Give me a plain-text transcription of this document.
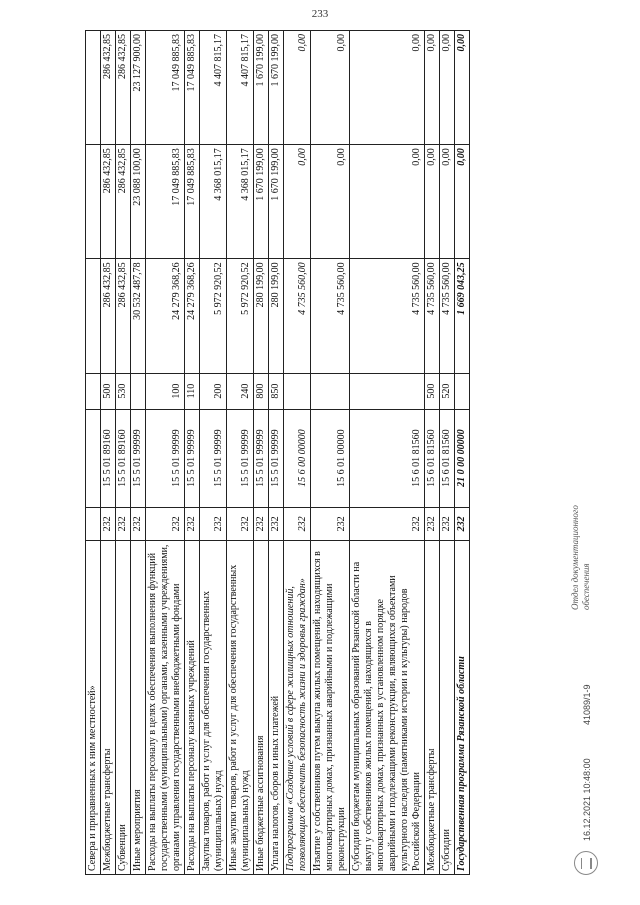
233
Севера и приравненных к ним местностей»						
Межбюджетные трансферты	232	15 5 01 89160	500	286 432,85	286 432,85	286 432,85
Субвенции	232	15 5 01 89160	530	286 432,85	286 432,85	286 432,85
Иные мероприятия	232	15 5 01 99999		30 532 487,78	23 088 100,00	23 127 900,00
Расходы на выплаты персоналу в целях обеспечения выполнения функций государственными (муниципальными) органами, казенными учреждениями, органами управления государственными внебюджетными фондами	232	15 5 01 99999	100	24 279 368,26	17 049 885,83	17 049 885,83
Расходы на выплаты персоналу казенных учреждений	232	15 5 01 99999	110	24 279 368,26	17 049 885,83	17 049 885,83
Закупка товаров, работ и услуг для обеспечения государственных (муниципальных) нужд	232	15 5 01 99999	200	5 972 920,52	4 368 015,17	4 407 815,17
Иные закупки товаров, работ и услуг для обеспечения государственных (муниципальных) нужд	232	15 5 01 99999	240	5 972 920,52	4 368 015,17	4 407 815,17
Иные бюджетные ассигнования	232	15 5 01 99999	800	280 199,00	1 670 199,00	1 670 199,00
Уплата налогов, сборов и иных платежей	232	15 5 01 99999	850	280 199,00	1 670 199,00	1 670 199,00
Подпрограмма «Создание условий в сфере жилищных отношений, позволяющих обеспечить безопасность жизни и здоровья граждан»	232	15 6 00 00000		4 735 560,00	0,00	0,00
Изъятие у собственников путем выкупа жилых помещений, находящихся в многоквартирных домах, признанных аварийными и подлежащими реконструкции	232	15 6 01 00000		4 735 560,00	0,00	0,00
Субсидии бюджетам муниципальных образований Рязанской области на выкуп у собственников жилых помещений, находящихся в многоквартирных домах, признанных в установленном порядке аварийными и подлежащими реконструкции, являющихся объектами культурного наследия (памятниками истории и культуры) народов Российской Федерации	232	15 6 01 81560		4 735 560,00	0,00	0,00
Межбюджетные трансферты	232	15 6 01 81560	500	4 735 560,00	0,00	0,00
Субсидии	232	15 6 01 81560	520	4 735 560,00	0,00	0,00
Государственная программа Рязанской области	232	21 0 00 00000		1 669 043,25	0,00	0,00
16.12.2021 10:48:00
41089/1-9
Отдел документационного обеспечения
